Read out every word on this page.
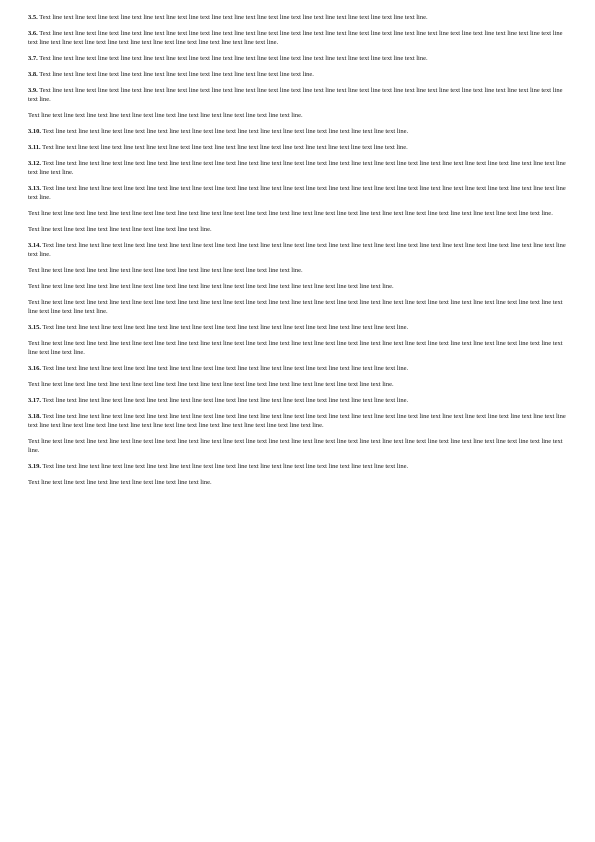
3.5. Text line text line text line text line text line text line text line text line text line text line text line text line text line text line text line text line text line.

3.6. Text line text line text line text line text line text line text line text line text line text line text line text line text line text line text line text line text line text line text line text line text line text line text line text line text line text line text line text line text line text line text line text line text line text line.

3.7. Text line text line text line text line text line text line text line text line text line text line text line text line text line text line text line text line text line.

3.8. Text line text line text line text line text line text line text line text line text line text line text line text line.

3.9. Text line text line text line text line text line text line text line text line text line text line text line text line text line text line text line text line text line text line text line text line text line text line text line text line.

Text line text line text line text line text line text line text line text line text line text line text line text line.

3.10. Text line text line text line text line text line text line text line text line text line text line text line text line text line text line text line text line.

3.11. Text line text line text line text line text line text line text line text line text line text line text line text line text line text line text line text line.

3.12. Text line text line text line text line text line text line text line text line text line text line text line text line text line text line text line text line text line text line text line text line text line text line text line text line text line.

3.13. Text line text line text line text line text line text line text line text line text line text line text line text line text line text line text line text line text line text line text line text line text line text line text line text line.

Text line text line text line text line text line text line text line text line text line text line text line text line text line text line text line text line text line text line text line text line text line text line text line.

Text line text line text line text line text line text line text line text line.

3.14. Text line text line text line text line text line text line text line text line text line text line text line text line text line text line text line text line text line text line text line text line text line text line text line text line.

Text line text line text line text line text line text line text line text line text line text line text line text line.

Text line text line text line text line text line text line text line text line text line text line text line text line text line text line text line text line.

Text line text line text line text line text line text line text line text line text line text line text line text line text line text line text line text line text line text line text line text line text line text line text line text line text line text line text line.

3.15. Text line text line text line text line text line text line text line text line text line text line text line text line text line text line text line text line.

Text line text line text line text line text line text line text line text line text line text line text line text line text line text line text line text line text line text line text line text line text line text line text line text line text line text line.

3.16. Text line text line text line text line text line text line text line text line text line text line text line text line text line text line text line text line.

Text line text line text line text line text line text line text line text line text line text line text line text line text line text line text line text line.

3.17. Text line text line text line text line text line text line text line text line text line text line text line text line text line text line text line text line.

3.18. Text line text line text line text line text line text line text line text line text line text line text line text line text line text line text line text line text line text line text line text line text line text line text line text line text line text line text line text line text line text line text line text line text line text line text line text line.

Text line text line text line text line text line text line text line text line text line text line text line text line text line text line text line text line text line text line text line text line text line text line text line text line.

3.19. Text line text line text line text line text line text line text line text line text line text line text line text line text line text line text line text line.

Text line text line text line text line text line text line text line text line.
